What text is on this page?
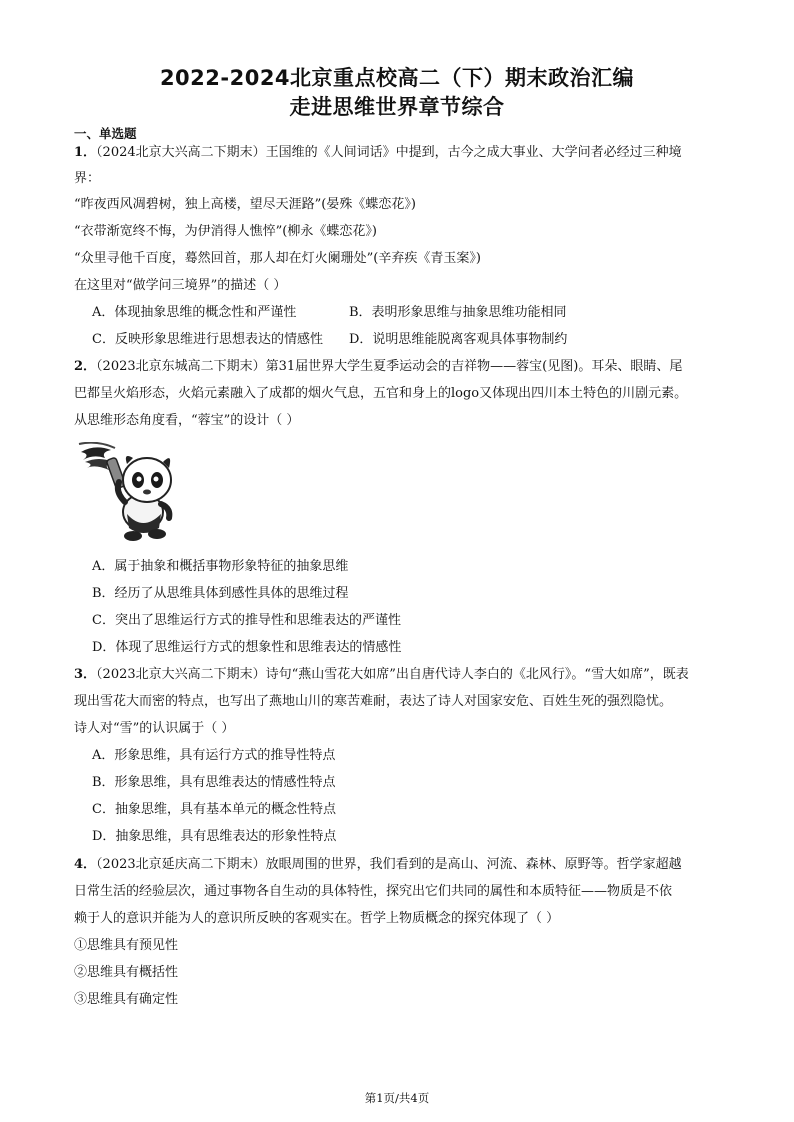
2022-2024北京重点校高二（下）期末政治汇编
走进思维世界章节综合
一、单选题
1．（2024北京大兴高二下期末）王国维的《人间词话》中提到，古今之成大事业、大学问者必经过三种境
界：
“昨夜西风凋碧树，独上高楼，望尽天涯路”(晏殊《蝶恋花》)
“衣带渐宽终不悔，为伊消得人憔悴”(柳永《蝶恋花》)
“众里寻他千百度，蓦然回首，那人却在灯火阑珊处”(辛弃疾《青玉案》)
在这里对“做学问三境界”的描述（ ）
A．体现抽象思维的概念性和严谨性	B．表明形象思维与抽象思维功能相同
C．反映形象思维进行思想表达的情感性 D．说明思维能脱离客观具体事物制约
2．（2023北京东城高二下期末）第31届世界大学生夏季运动会的吉祥物——蓉宝(见图)。耳朵、眼睛、尾
巴都呈火焰形态，火焰元素融入了成都的烟火气息，五官和身上的logo又体现出四川本土特色的川剧元素。
从思维形态角度看，“蓉宝”的设计（ ）
A．属于抽象和概括事物形象特征的抽象思维
B．经历了从思维具体到感性具体的思维过程
C．突出了思维运行方式的推导性和思维表达的严谨性
D．体现了思维运行方式的想象性和思维表达的情感性
3．（2023北京大兴高二下期末）诗句“燕山雪花大如席”出自唐代诗人李白的《北风行》。“雪大如席”，既表
现出雪花大而密的特点，也写出了燕地山川的寒苦难耐，表达了诗人对国家安危、百姓生死的强烈隐忧。
诗人对“雪”的认识属于（ ）
A．形象思维，具有运行方式的推导性特点
B．形象思维，具有思维表达的情感性特点
C．抽象思维，具有基本单元的概念性特点
D．抽象思维，具有思维表达的形象性特点
4．（2023北京延庆高二下期末）放眼周围的世界，我们看到的是高山、河流、森林、原野等。哲学家超越
日常生活的经验层次，通过事物各自生动的具体特性，探究出它们共同的属性和本质特征——物质是不依
赖于人的意识并能为人的意识所反映的客观实在。哲学上物质概念的探究体现了（ ）
①思维具有预见性
②思维具有概括性
③思维具有确定性
第1页/共4页
